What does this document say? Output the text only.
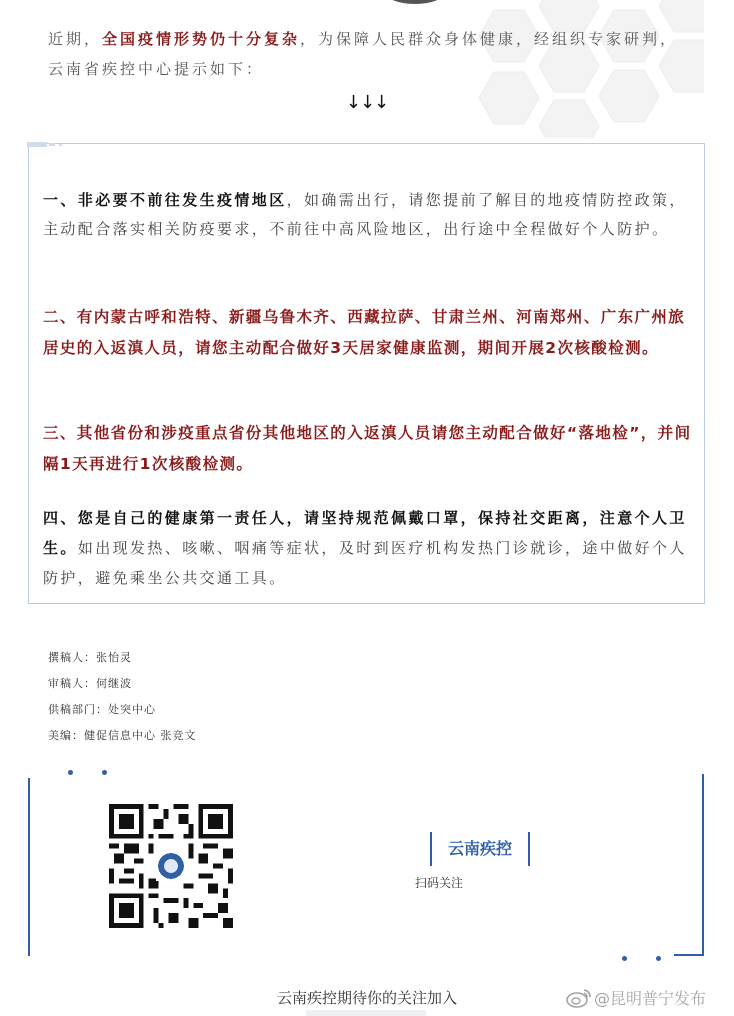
近期，全国疫情形势仍十分复杂，为保障人民群众身体健康，经组织专家研判，云南省疾控中心提示如下：

↓↓↓

一、非必要不前往发生疫情地区，如确需出行，请您提前了解目的地疫情防控政策，主动配合落实相关防疫要求，不前往中高风险地区，出行途中全程做好个人防护。

二、有内蒙古呼和浩特、新疆乌鲁木齐、西藏拉萨、甘肃兰州、河南郑州、广东广州旅居史的入返滇人员，请您主动配合做好3天居家健康监测，期间开展2次核酸检测。

三、其他省份和涉疫重点省份其他地区的入返滇人员请您主动配合做好“落地检”，并间隔1天再进行1次核酸检测。

四、您是自己的健康第一责任人，请坚持规范佩戴口罩，保持社交距离，注意个人卫生。如出现发热、咳嗽、咽痛等症状，及时到医疗机构发热门诊就诊，途中做好个人防护，避免乘坐公共交通工具。

撰稿人：张怡灵
审稿人：何继波
供稿部门：处突中心
美编：健促信息中心 张竞文
云南疾控
扫码关注
云南疾控期待你的关注加入	@昆明普宁发布
